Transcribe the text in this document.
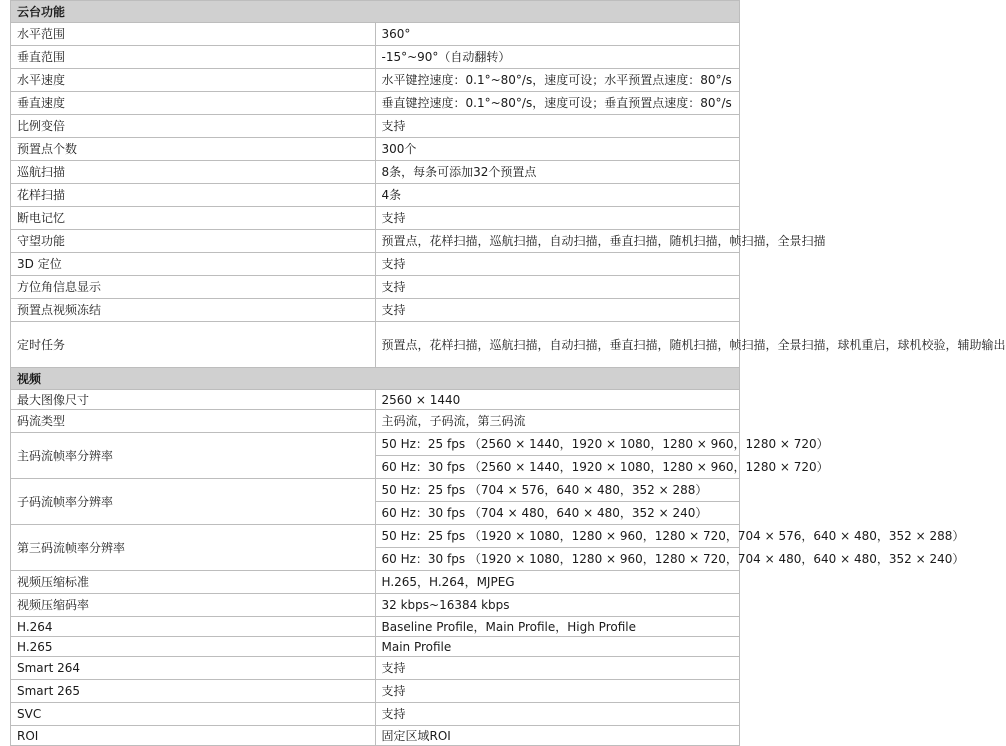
云台功能	
水平范围	360°
垂直范围	-15°~90°（自动翻转）
水平速度	水平键控速度：0.1°~80°/s，速度可设；水平预置点速度：80°/s
垂直速度	垂直键控速度：0.1°~80°/s，速度可设；垂直预置点速度：80°/s
比例变倍	支持
预置点个数	300个
巡航扫描	8条，每条可添加32个预置点
花样扫描	4条
断电记忆	支持
守望功能	预置点，花样扫描，巡航扫描，自动扫描，垂直扫描，随机扫描，帧扫描，全景扫描
3D 定位	支持
方位角信息显示	支持
预置点视频冻结	支持
定时任务	预置点，花样扫描，巡航扫描，自动扫描，垂直扫描，随机扫描，帧扫描，全景扫描，球机重启，球机校验，辅助输出

视频	
最大图像尺寸	2560 × 1440
码流类型	主码流，子码流，第三码流
主码流帧率分辨率	50 Hz：25 fps （2560 × 1440，1920 × 1080，1280 × 960，1280 × 720）
60 Hz：30 fps （2560 × 1440，1920 × 1080，1280 × 960，1280 × 720）

子码流帧率分辨率	50 Hz：25 fps （704 × 576，640 × 480，352 × 288）
60 Hz：30 fps （704 × 480，640 × 480，352 × 240）

第三码流帧率分辨率	50 Hz：25 fps （1920 × 1080，1280 × 960，1280 × 720，704 × 576，640 × 480，352 × 288）
60 Hz：30 fps （1920 × 1080，1280 × 960，1280 × 720，704 × 480，640 × 480，352 × 240）

视频压缩标准	H.265，H.264，MJPEG
视频压缩码率	32 kbps~16384 kbps
H.264	Baseline Profile，Main Profile，High Profile
H.265	Main Profile
Smart 264	支持
Smart 265	支持
SVC	支持
ROI	固定区域ROI
